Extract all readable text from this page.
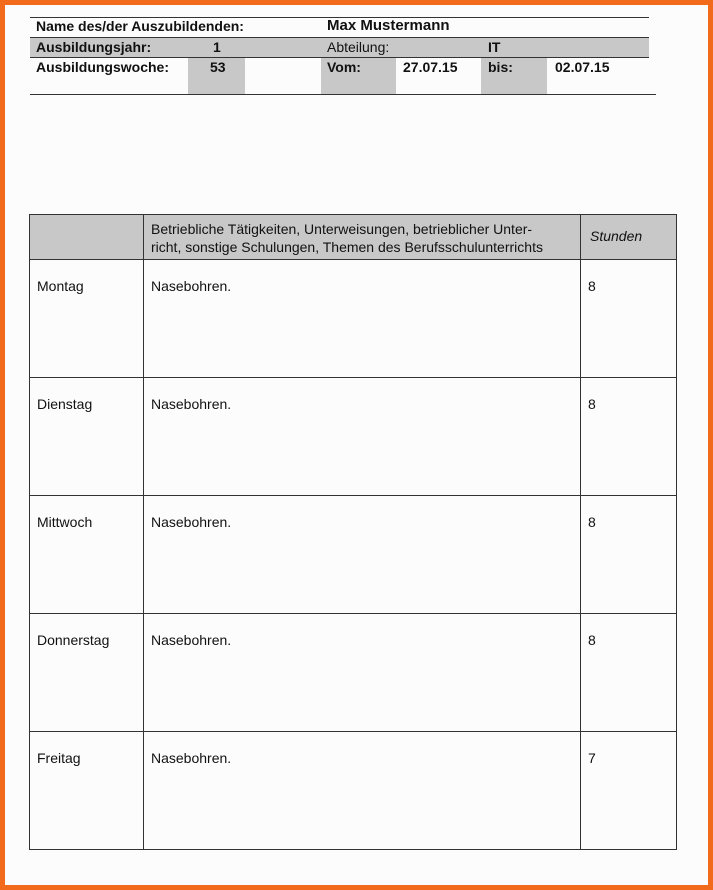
Name des/der Auszubildenden:	Max Mustermann
Ausbildungsjahr:	1	Abteilung:	IT
Ausbildungswoche:	53	Vom:	27.07.15 bis:	02.07.15

	Betriebliche Tätigkeiten, Unterweisungen, betrieblicher Unter-
richt, sonstige Schulungen, Themen des Berufsschulunterrichts	Stunden

Montag	Nasebohren.	8

Dienstag	Nasebohren.	8

Mittwoch	Nasebohren.	8

Donnerstag	Nasebohren.	8

Freitag	Nasebohren.	7
